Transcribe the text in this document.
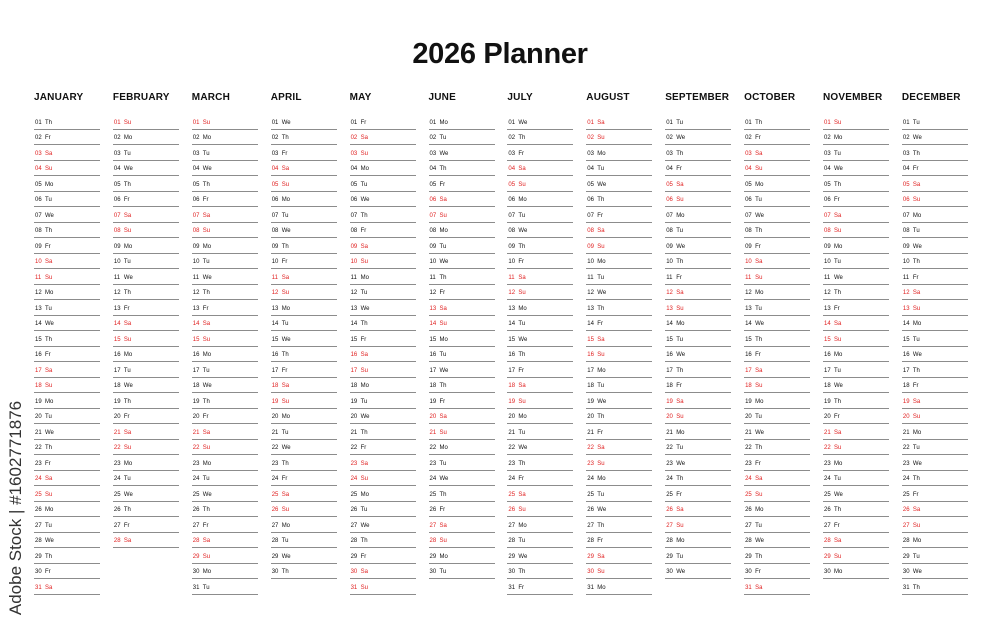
2026 Planner
Adobe Stock | #1602771876
JANUARY
01 Th
02 Fr
03 Sa
04 Su
05 Mo
06 Tu
07 We
08 Th
09 Fr
10 Sa
11 Su
12 Mo
13 Tu
14 We
15 Th
16 Fr
17 Sa
18 Su
19 Mo
20 Tu
21 We
22 Th
23 Fr
24 Sa
25 Su
26 Mo
27 Tu
28 We
29 Th
30 Fr
31 Sa
FEBRUARY
01 Su
02 Mo
03 Tu
04 We
05 Th
06 Fr
07 Sa
08 Su
09 Mo
10 Tu
11 We
12 Th
13 Fr
14 Sa
15 Su
16 Mo
17 Tu
18 We
19 Th
20 Fr
21 Sa
22 Su
23 Mo
24 Tu
25 We
26 Th
27 Fr
28 Sa
MARCH
01 Su
02 Mo
03 Tu
04 We
05 Th
06 Fr
07 Sa
08 Su
09 Mo
10 Tu
11 We
12 Th
13 Fr
14 Sa
15 Su
16 Mo
17 Tu
18 We
19 Th
20 Fr
21 Sa
22 Su
23 Mo
24 Tu
25 We
26 Th
27 Fr
28 Sa
29 Su
30 Mo
31 Tu
APRIL
01 We
02 Th
03 Fr
04 Sa
05 Su
06 Mo
07 Tu
08 We
09 Th
10 Fr
11 Sa
12 Su
13 Mo
14 Tu
15 We
16 Th
17 Fr
18 Sa
19 Su
20 Mo
21 Tu
22 We
23 Th
24 Fr
25 Sa
26 Su
27 Mo
28 Tu
29 We
30 Th
MAY
01 Fr
02 Sa
03 Su
04 Mo
05 Tu
06 We
07 Th
08 Fr
09 Sa
10 Su
11 Mo
12 Tu
13 We
14 Th
15 Fr
16 Sa
17 Su
18 Mo
19 Tu
20 We
21 Th
22 Fr
23 Sa
24 Su
25 Mo
26 Tu
27 We
28 Th
29 Fr
30 Sa
31 Su
JUNE
01 Mo
02 Tu
03 We
04 Th
05 Fr
06 Sa
07 Su
08 Mo
09 Tu
10 We
11 Th
12 Fr
13 Sa
14 Su
15 Mo
16 Tu
17 We
18 Th
19 Fr
20 Sa
21 Su
22 Mo
23 Tu
24 We
25 Th
26 Fr
27 Sa
28 Su
29 Mo
30 Tu
JULY
01 We
02 Th
03 Fr
04 Sa
05 Su
06 Mo
07 Tu
08 We
09 Th
10 Fr
11 Sa
12 Su
13 Mo
14 Tu
15 We
16 Th
17 Fr
18 Sa
19 Su
20 Mo
21 Tu
22 We
23 Th
24 Fr
25 Sa
26 Su
27 Mo
28 Tu
29 We
30 Th
31 Fr
AUGUST
01 Sa
02 Su
03 Mo
04 Tu
05 We
06 Th
07 Fr
08 Sa
09 Su
10 Mo
11 Tu
12 We
13 Th
14 Fr
15 Sa
16 Su
17 Mo
18 Tu
19 We
20 Th
21 Fr
22 Sa
23 Su
24 Mo
25 Tu
26 We
27 Th
28 Fr
29 Sa
30 Su
31 Mo
SEPTEMBER
01 Tu
02 We
03 Th
04 Fr
05 Sa
06 Su
07 Mo
08 Tu
09 We
10 Th
11 Fr
12 Sa
13 Su
14 Mo
15 Tu
16 We
17 Th
18 Fr
19 Sa
20 Su
21 Mo
22 Tu
23 We
24 Th
25 Fr
26 Sa
27 Su
28 Mo
29 Tu
30 We
OCTOBER
01 Th
02 Fr
03 Sa
04 Su
05 Mo
06 Tu
07 We
08 Th
09 Fr
10 Sa
11 Su
12 Mo
13 Tu
14 We
15 Th
16 Fr
17 Sa
18 Su
19 Mo
20 Tu
21 We
22 Th
23 Fr
24 Sa
25 Su
26 Mo
27 Tu
28 We
29 Th
30 Fr
31 Sa
NOVEMBER
01 Su
02 Mo
03 Tu
04 We
05 Th
06 Fr
07 Sa
08 Su
09 Mo
10 Tu
11 We
12 Th
13 Fr
14 Sa
15 Su
16 Mo
17 Tu
18 We
19 Th
20 Fr
21 Sa
22 Su
23 Mo
24 Tu
25 We
26 Th
27 Fr
28 Sa
29 Su
30 Mo
DECEMBER
01 Tu
02 We
03 Th
04 Fr
05 Sa
06 Su
07 Mo
08 Tu
09 We
10 Th
11 Fr
12 Sa
13 Su
14 Mo
15 Tu
16 We
17 Th
18 Fr
19 Sa
20 Su
21 Mo
22 Tu
23 We
24 Th
25 Fr
26 Sa
27 Su
28 Mo
29 Tu
30 We
31 Th
